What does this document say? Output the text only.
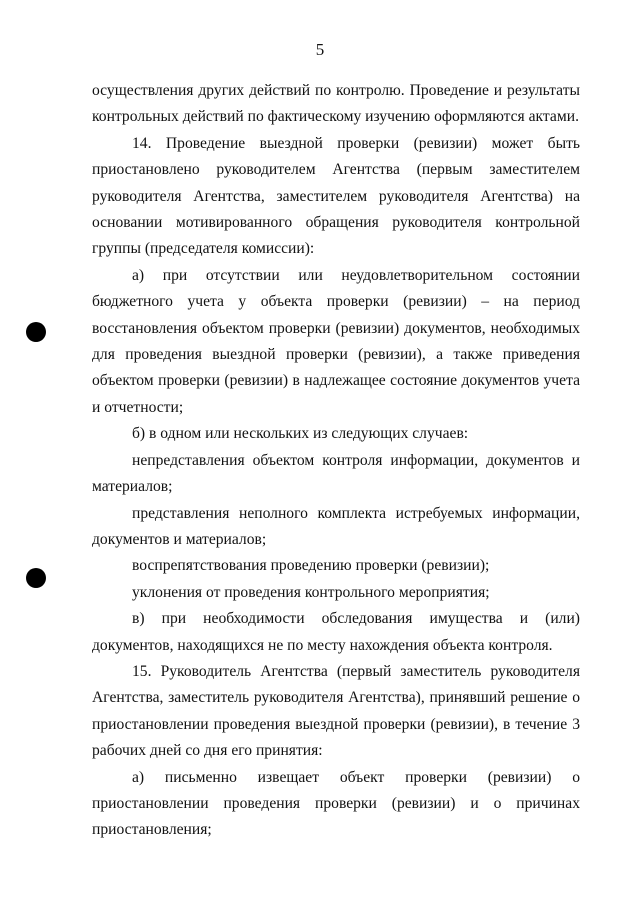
5

осуществления других действий по контролю. Проведение и результаты контрольных действий по фактическому изучению оформляются актами.

14. Проведение выездной проверки (ревизии) может быть приостановлено руководителем Агентства (первым заместителем руководителя Агентства, заместителем руководителя Агентства) на основании мотивированного обращения руководителя контрольной группы (председателя комиссии):

а) при отсутствии или неудовлетворительном состоянии бюджетного учета у объекта проверки (ревизии) – на период восстановления объектом проверки (ревизии) документов, необходимых для проведения выездной проверки (ревизии), а также приведения объектом проверки (ревизии) в надлежащее состояние документов учета и отчетности;

б) в одном или нескольких из следующих случаев:

непредставления объектом контроля информации, документов и материалов;

представления неполного комплекта истребуемых информации, документов и материалов;

воспрепятствования проведению проверки (ревизии);

уклонения от проведения контрольного мероприятия;

в) при необходимости обследования имущества и (или) документов, находящихся не по месту нахождения объекта контроля.

15. Руководитель Агентства (первый заместитель руководителя Агентства, заместитель руководителя Агентства), принявший решение о приостановлении проведения выездной проверки (ревизии), в течение 3 рабочих дней со дня его принятия:

а) письменно извещает объект проверки (ревизии) о приостановлении проведения проверки (ревизии) и о причинах приостановления;
